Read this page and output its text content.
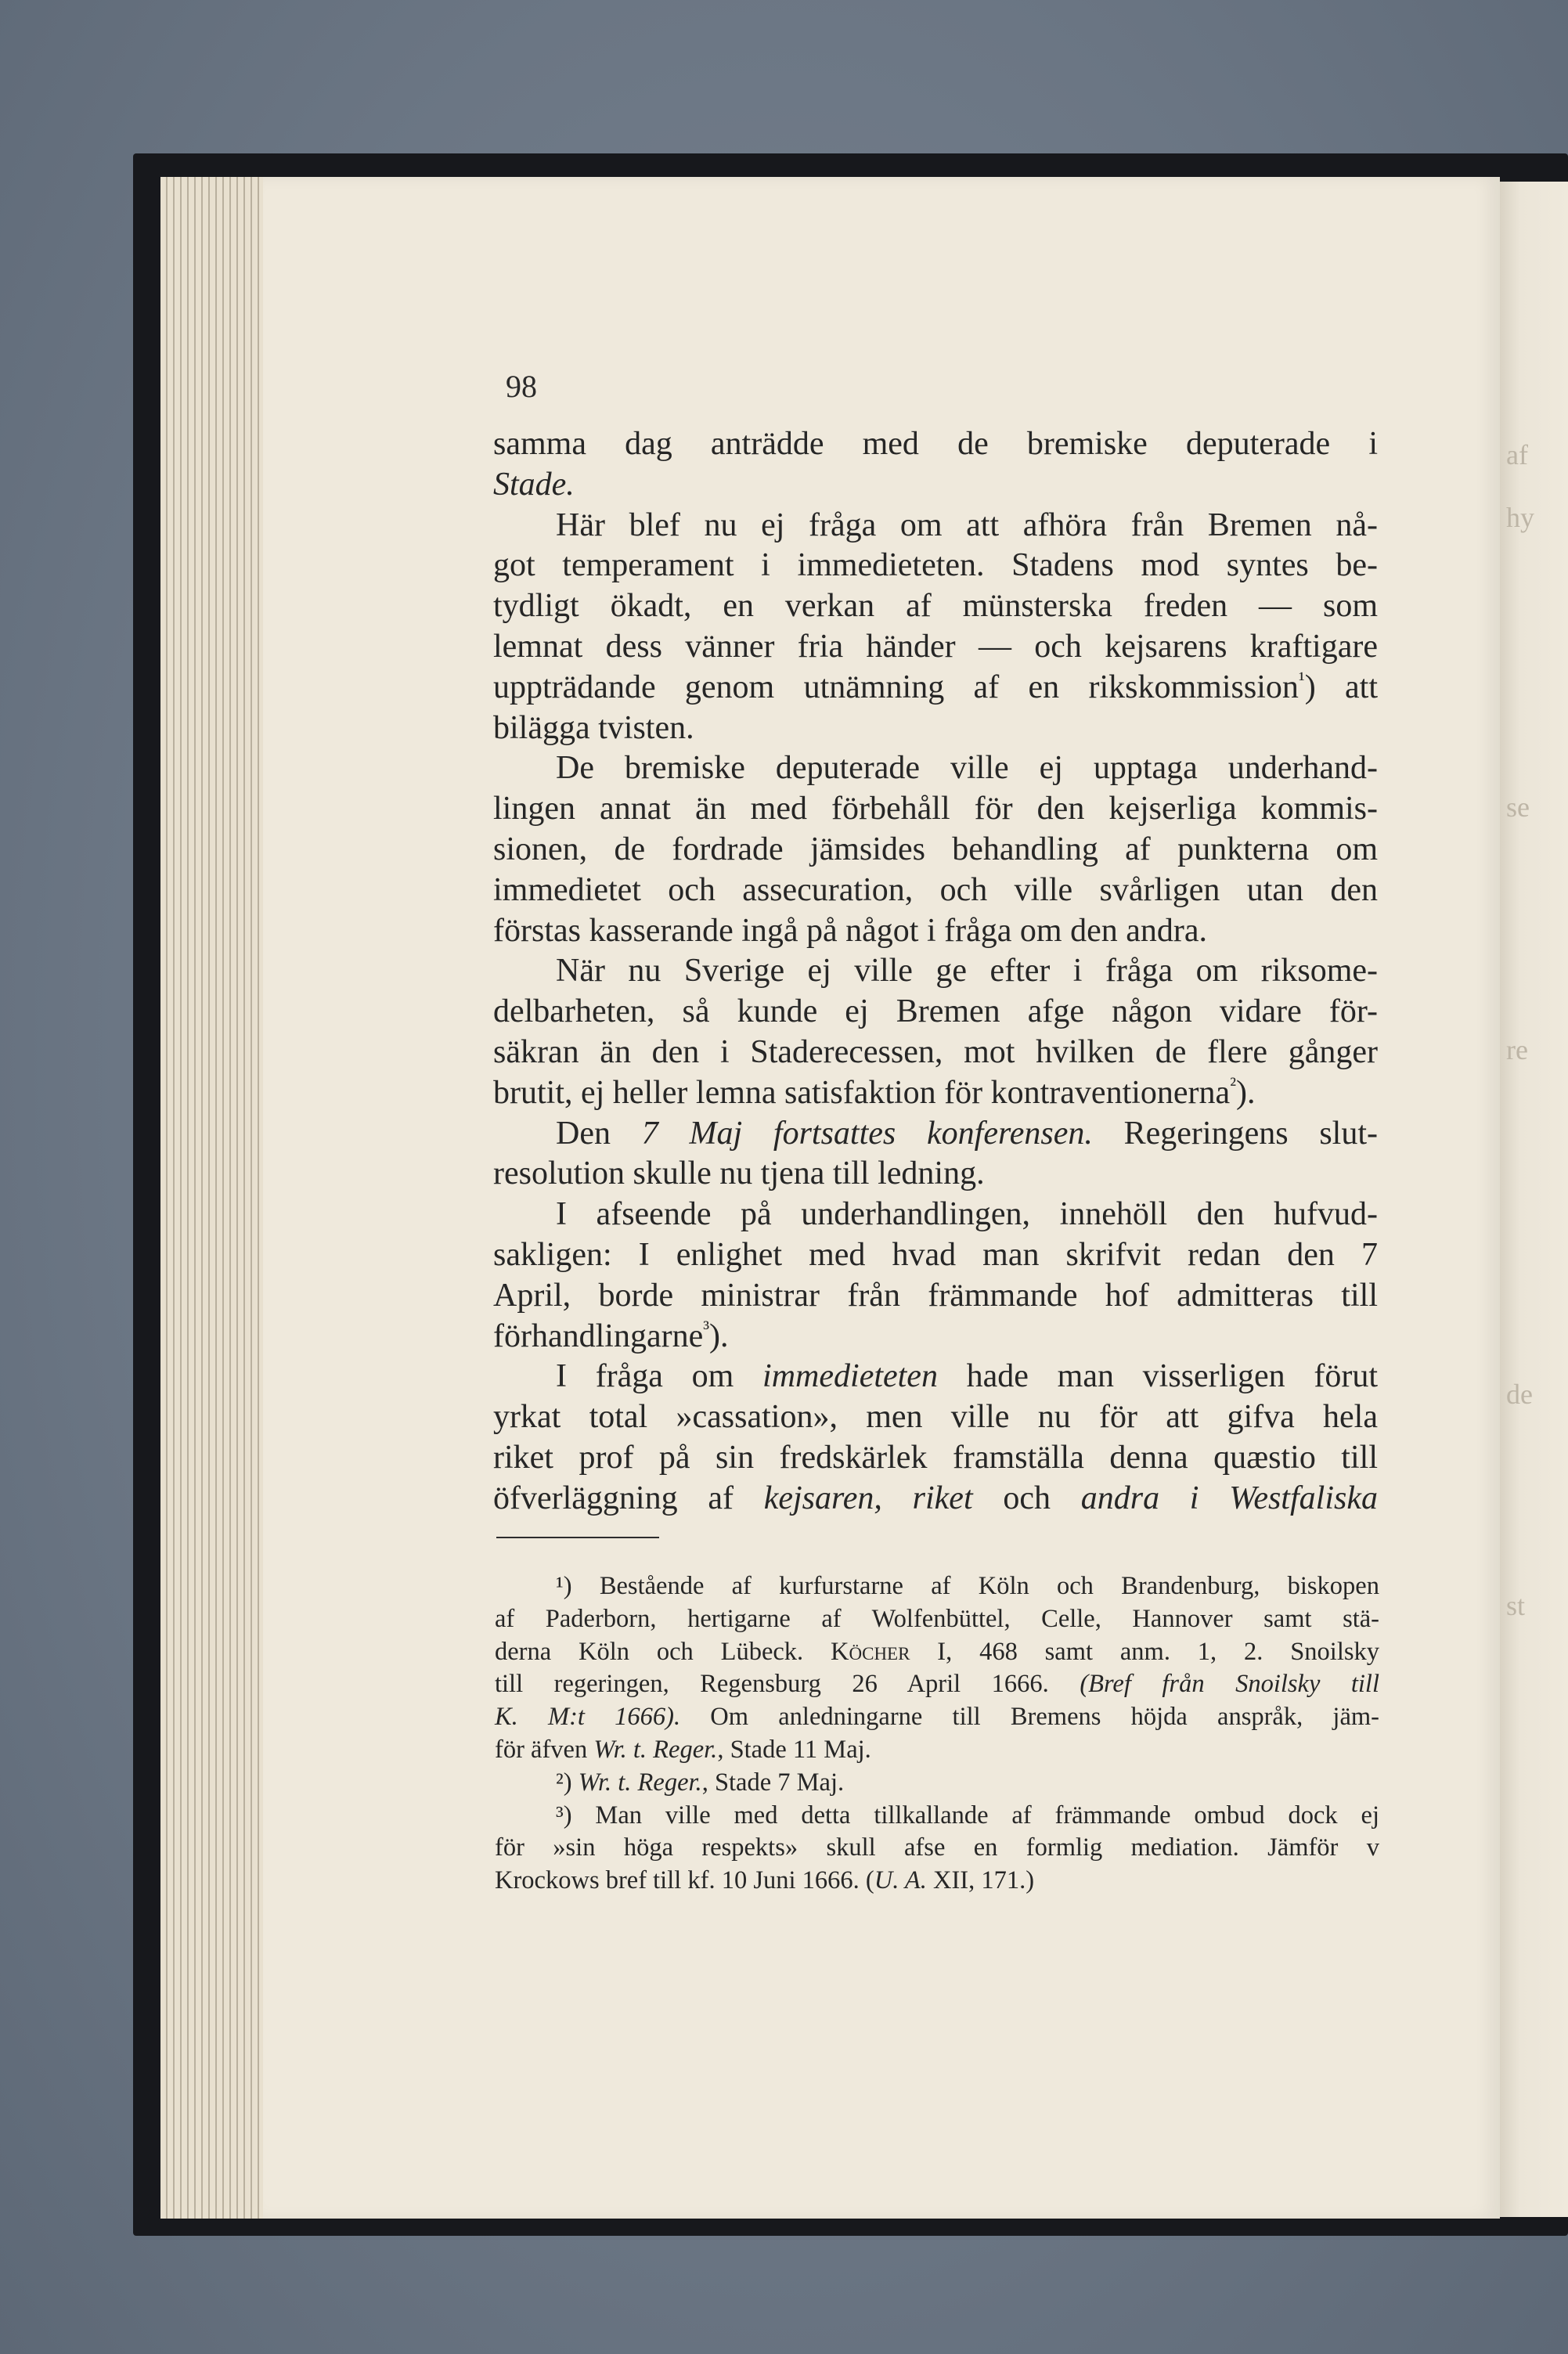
af
hy
se
re
de
st

98

samma dag anträdde med de bremiske deputerade i
Stade.
Här blef nu ej fråga om att afhöra från Bremen nå-
got temperament i immedieteten. Stadens mod syntes be-
tydligt ökadt, en verkan af münsterska freden — som
lemnat dess vänner fria händer — och kejsarens kraftigare
uppträdande genom utnämning af en rikskommission$^{^1}$) att
bilägga tvisten.
De bremiske deputerade ville ej upptaga underhand-
lingen annat än med förbehåll för den kejserliga kommis-
sionen, de fordrade jämsides behandling af punkterna om
immedietet och assecuration, och ville svårligen utan den
förstas kasserande ingå på något i fråga om den andra.
När nu Sverige ej ville ge efter i fråga om riksome-
delbarheten, så kunde ej Bremen afge någon vidare för-
säkran än den i Staderecessen, mot hvilken de flere gånger
brutit, ej heller lemna satisfaktion för kontraventionerna$^{^2}$).
Den 7 Maj fortsattes konferensen. Regeringens slut-
resolution skulle nu tjena till ledning.
I afseende på underhandlingen, innehöll den hufvud-
sakligen: I enlighet med hvad man skrifvit redan den 7
April, borde ministrar från främmande hof admitteras till
förhandlingarne$^{^3}$).
I fråga om immedieteten hade man visserligen förut
yrkat total »cassation», men ville nu för att gifva hela
riket prof på sin fredskärlek framställa denna quæstio till
öfverläggning af kejsaren, riket och andra i Westfaliska
¹) Bestående af kurfurstarne af Köln och Brandenburg, biskopen
af Paderborn, hertigarne af Wolfenbüttel, Celle, Hannover samt stä-
derna Köln och Lübeck. Köcher I, 468 samt anm. 1, 2. Snoilsky
till regeringen, Regensburg 26 April 1666. (Bref från Snoilsky till
K. M:t 1666). Om anledningarne till Bremens höjda anspråk, jäm-
för äfven Wr. t. Reger., Stade 11 Maj.
²) Wr. t. Reger., Stade 7 Maj.
³) Man ville med detta tillkallande af främmande ombud dock ej
för »sin höga respekts» skull afse en formlig mediation. Jämför v
Krockows bref till kf. 10 Juni 1666. (U. A. XII, 171.)
